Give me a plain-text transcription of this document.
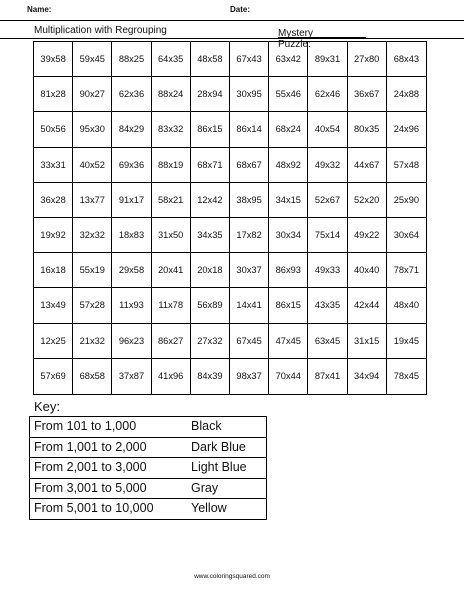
Name:	Date:
Multiplication with Regrouping	Mystery Puzzle:
39x58	59x45	88x25	64x35	48x58	67x43	63x42	89x31	27x80	68x43
81x28	90x27	62x36	88x24	28x94	30x95	55x46	62x46	36x67	24x88
50x56	95x30	84x29	83x32	86x15	86x14	68x24	40x54	80x35	24x96
33x31	40x52	69x36	88x19	68x71	68x67	48x92	49x32	44x67	57x48
36x28	13x77	91x17	58x21	12x42	38x95	34x15	52x67	52x20	25x90
19x92	32x32	18x83	31x50	34x35	17x82	30x34	75x14	49x22	30x64
16x18	55x19	29x58	20x41	20x18	30x37	86x93	49x33	40x40	78x71
13x49	57x28	11x93	11x78	56x89	14x41	86x15	43x35	42x44	48x40
12x25	21x32	96x23	86x27	27x32	67x45	47x45	63x45	31x15	19x45
57x69	68x58	37x87	41x96	84x39	98x37	70x44	87x41	34x94	78x45
Key:
From 101 to 1,000	Black
From 1,001 to 2,000	Dark Blue
From 2,001 to 3,000	Light Blue
From 3,001 to 5,000	Gray
From 5,001 to 10,000	Yellow
www.coloringsquared.com
